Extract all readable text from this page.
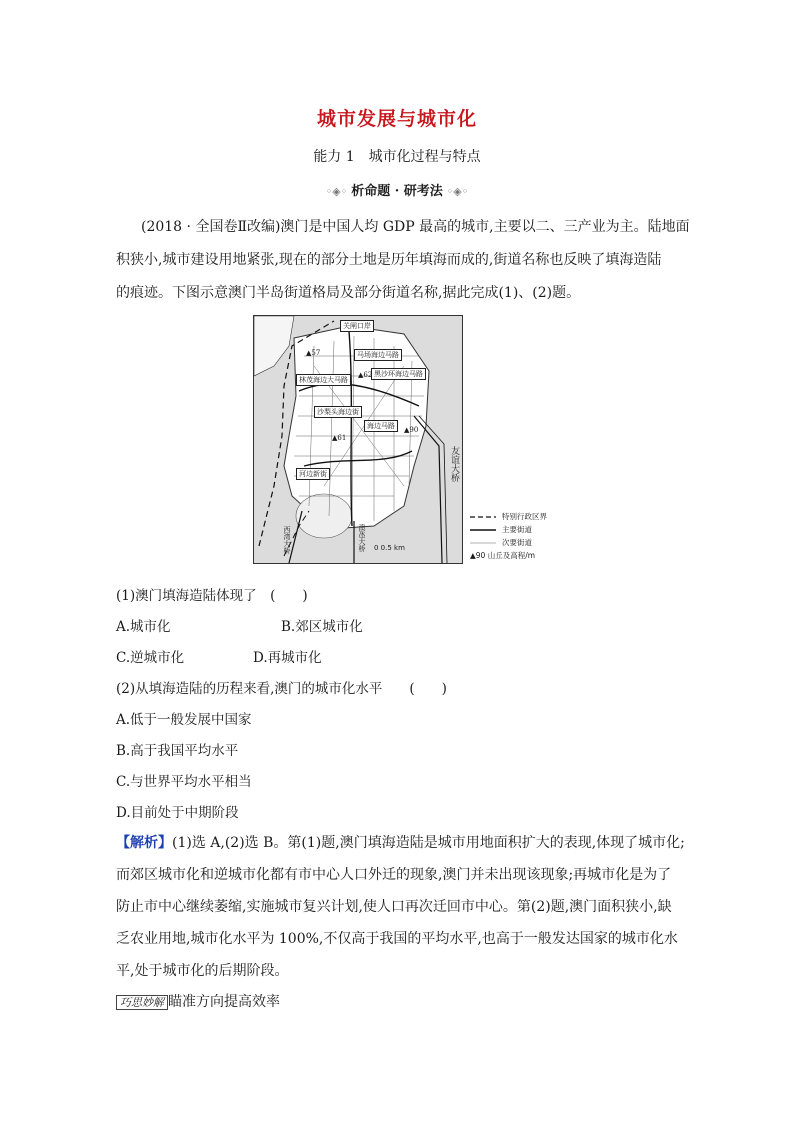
城市发展与城市化
能力 1　城市化过程与特点
◦◈◦ 析命题 · 研考法 ◦◈◦
(2018 · 全国卷Ⅱ改编)澳门是中国人均 GDP 最高的城市,主要以二、三产业为主。陆地面
积狭小,城市建设用地紧张,现在的部分土地是历年填海而成的,街道名称也反映了填海造陆
的痕迹。下图示意澳门半岛街道格局及部分街道名称,据此完成(1)、(2)题。
关闸口岸
马场海边马路
黑沙环海边马路
林茂海边大马路
沙梨头海边街
海边马路
河边新街
▲57
▲62
▲61
▲90
友谊大桥
西湾大桥	澳氹大桥 0 0.5 km
特别行政区界
主要街道
次要街道
▲90 山丘及高程/m
(1)澳门填海造陆体现了　(　　)
A.城市化	B.郊区城市化
C.逆城市化	D.再城市化
(2)从填海造陆的历程来看,澳门的城市化水平　　(　　)
A.低于一般发展中国家
B.高于我国平均水平
C.与世界平均水平相当
D.目前处于中期阶段
【解析】(1)选 A,(2)选 B。第(1)题,澳门填海造陆是城市用地面积扩大的表现,体现了城市化;
而郊区城市化和逆城市化都有市中心人口外迁的现象,澳门并未出现该现象;再城市化是为了
防止市中心继续萎缩,实施城市复兴计划,使人口再次迁回市中心。第(2)题,澳门面积狭小,缺
乏农业用地,城市化水平为 100%,不仅高于我国的平均水平,也高于一般发达国家的城市化水
平,处于城市化的后期阶段。
巧思妙解 瞄准方向提高效率
